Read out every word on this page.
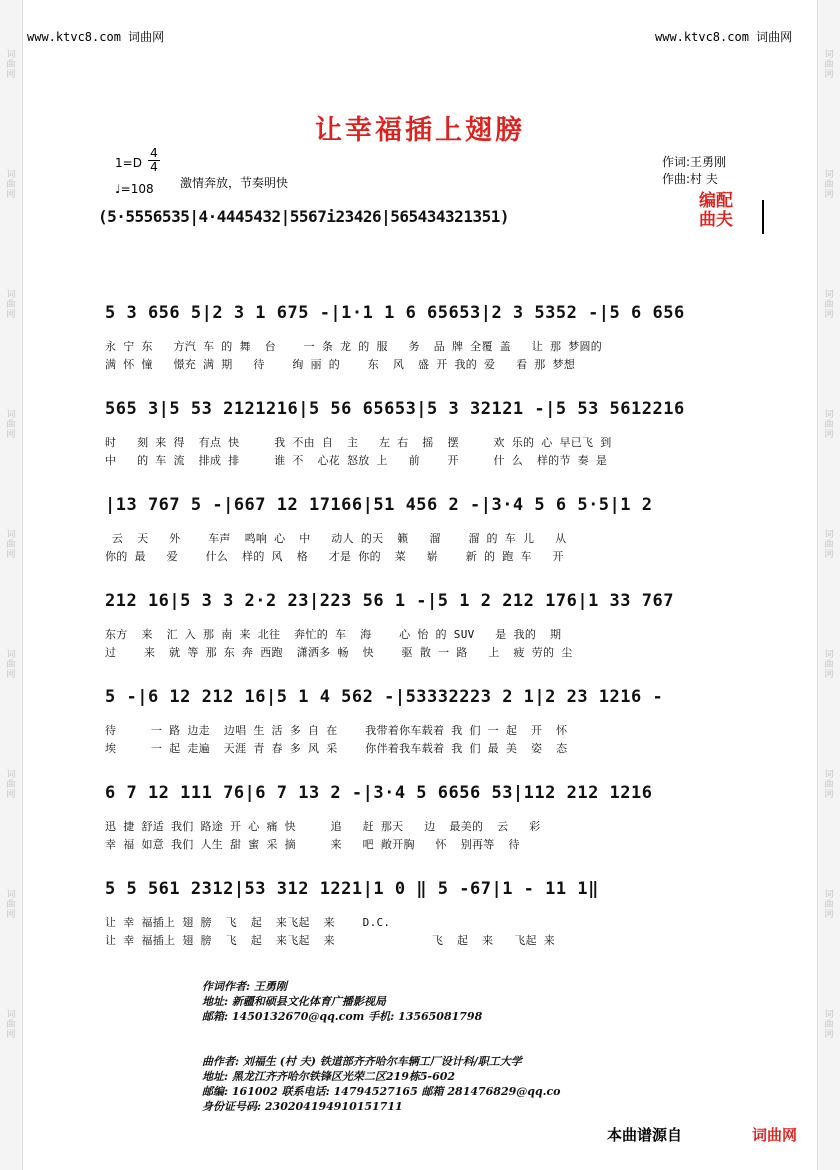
词曲网
词曲网
词曲网
词曲网
词曲网
词曲网
词曲网
词曲网
词曲网
词曲网
词曲网
词曲网
词曲网
词曲网
词曲网
词曲网
词曲网
词曲网
www.ktvc8.com 词曲网	www.ktvc8.com 词曲网
让幸福插上翅膀
$1=D \frac{4}{4}$
♩=108 激情奔放，节奏明快
作词:王勇刚
作曲:村 夫
编配曲夫
(5·5556535|4·4445432|5567i23426|565434321351)
5 3 656 5|2 3 1 675 -|1·1 1 6 65653|2 3 5352 -|5 6 656
永 宁 东   方汽 车 的 舞  台    一 条 龙 的 服   务  品 牌 全覆 盖   让 那 梦圆的
满 怀 憧   憬充 满 期   待    绚 丽 的    东  风  盛 开 我的 爱   看 那 梦想
565 3|5 53 2121216|5 56 65653|5 3 32121 -|5 53 5612216
时   刻 来 得  有点 快     我 不由 自  主   左 右  摇  摆     欢 乐的 心 早已飞 到
中   的 车 流  排成 排     谁 不  心花 怒放 上   前    开     什 么  样的节 奏 是
|13 767 5 -|667 12 17166|51 456 2 -|3·4 5 6 5·5|1 2
云  天   外    车声  鸣响 心  中   动人 的天  籁   溜    溜 的 车 儿   从
你的 最   爱    什么  样的 风  格   才是 你的  菜   崭    新 的 跑 车   开
212 16|5 3 3 2·2 23|223 56 1 -|5 1 2 212 176|1 33 767
东方  来  汇 入 那 南 来 北往  奔忙的 车  海    心 怡 的 SUV   是 我的  期
过    来  就 等 那 东 奔 西跑  潇洒多 畅  快    驱 散 一 路   上  疲 劳的 尘
5 -|6 12 212 16|5 1 4 562 -|53332223 2 1|2 23 1216 -
待     一 路 边走  边唱 生 活 多 自 在    我带着你车载着 我 们 一 起  开  怀
埃     一 起 走遍  天涯 青 春 多 风 采    你伴着我车载着 我 们 最 美  姿  态
6 7 12 111 76|6 7 13 2 -|3·4 5 6656 53|112 212 1216
迅 捷 舒适 我们 路途 开 心 痛 快     追   赶 那天   边  最美的  云   彩
幸 福 如意 我们 人生 甜 蜜 采 摘     来   吧 敞开胸   怀  别再等  待
5 5 561 2312|53 312 1221|1 0 ‖ 5 -67|1 - 11 1‖
让 幸 福插上 翅 膀  飞  起  来飞起  来    D.C.
让 幸 福插上 翅 膀  飞  起  来飞起  来              飞  起  来   飞起 来
作词作者: 王勇刚
地址: 新疆和硕县文化体育广播影视局
邮箱: 1450132670@qq.com 手机: 13565081798
曲作者: 刘福生 (村 夫) 铁道部齐齐哈尔车辆工厂设计科/职工大学
地址: 黑龙江齐齐哈尔铁锋区光荣二区219栋5-602
邮编: 161002 联系电话: 14794527165 邮箱 281476829@qq.co
身份证号码: 230204194910151711
本曲谱源自	词曲网
